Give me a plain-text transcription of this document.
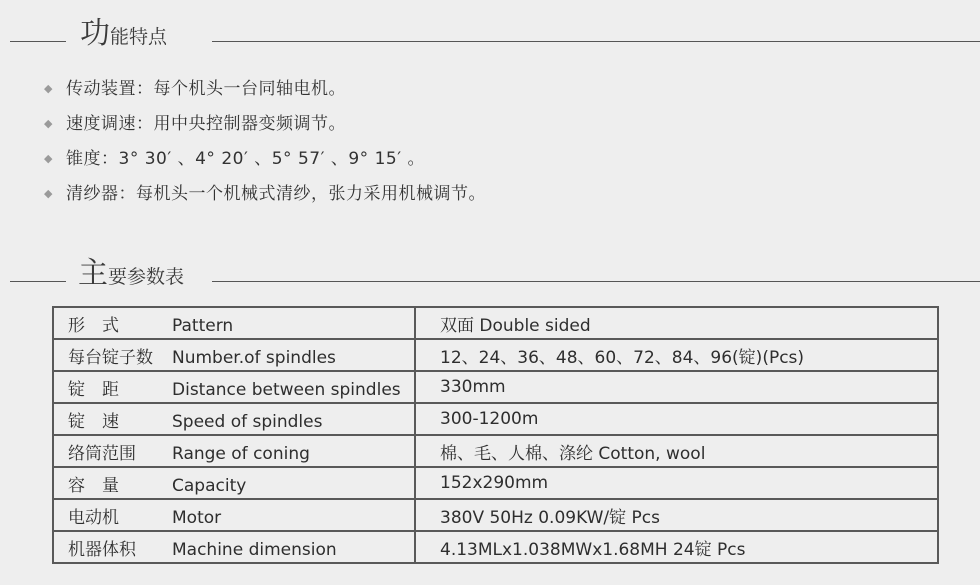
功能特点
◆ 传动装置：每个机头一台同轴电机。
◆ 速度调速：用中央控制器变频调节。
◆ 锥度：3° 30′ 、4° 20′ 、5° 57′ 、9° 15′ 。
◆ 清纱器：每机头一个机械式清纱，张力采用机械调节。
主要参数表
形　式 Pattern	双面 Double sided
每台锭子数 Number.of spindles	12、24、36、48、60、72、84、96(锭)(Pcs)
锭　距 Distance between spindles	330mm
锭　速 Speed of spindles	300-1200m
络筒范围 Range of coning	棉、毛、人棉、涤纶 Cotton, wool
容　量 Capacity	152x290mm
电动机 Motor	380V 50Hz 0.09KW/锭 Pcs
机器体积 Machine dimension	4.13MLx1.038MWx1.68MH 24锭 Pcs
